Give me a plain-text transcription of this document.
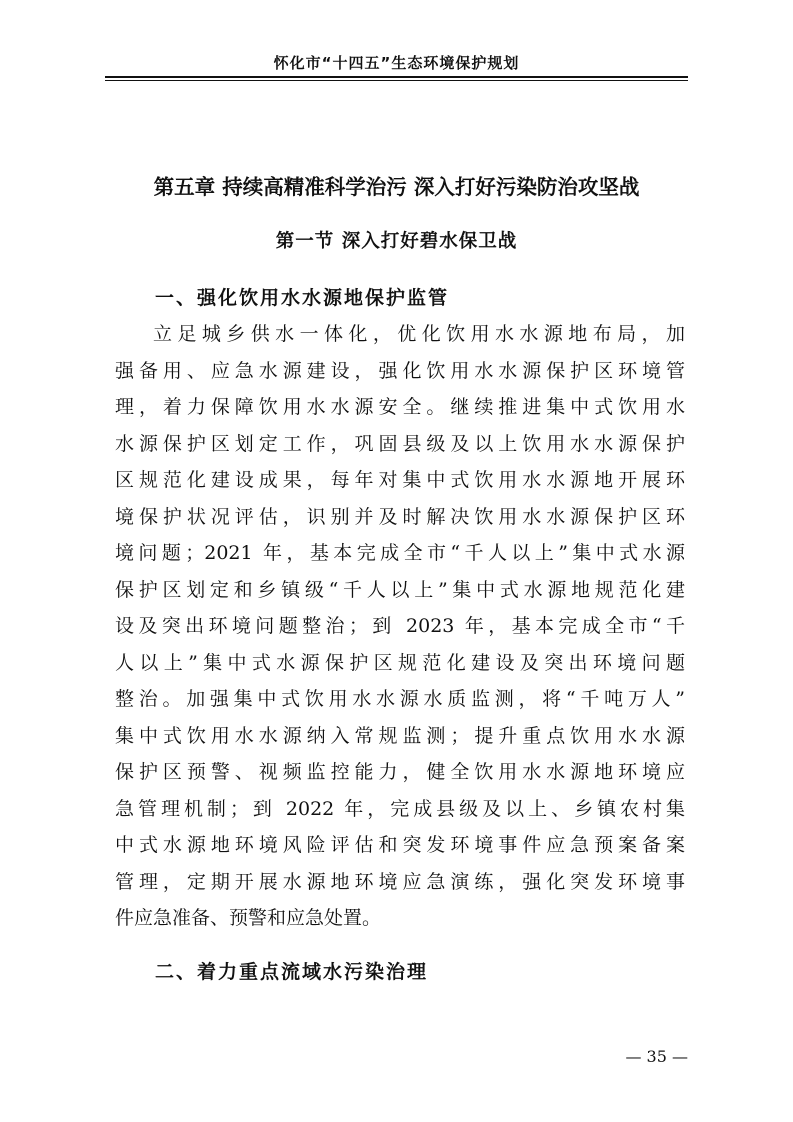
怀化市“十四五”生态环境保护规划
第五章 持续高精准科学治污 深入打好污染防治攻坚战
第一节 深入打好碧水保卫战
一、强化饮用水水源地保护监管
立足城乡供水一体化，优化饮用水水源地布局，加
强备用、应急水源建设，强化饮用水水源保护区环境管
理，着力保障饮用水水源安全。继续推进集中式饮用水
水源保护区划定工作，巩固县级及以上饮用水水源保护
区规范化建设成果，每年对集中式饮用水水源地开展环
境保护状况评估，识别并及时解决饮用水水源保护区环
境问题；2021 年，基本完成全市“千人以上”集中式水源
保护区划定和乡镇级“千人以上”集中式水源地规范化建
设及突出环境问题整治；到 2023 年，基本完成全市“千
人以上”集中式水源保护区规范化建设及突出环境问题
整治。加强集中式饮用水水源水质监测，将“千吨万人”
集中式饮用水水源纳入常规监测；提升重点饮用水水源
保护区预警、视频监控能力，健全饮用水水源地环境应
急管理机制；到 2022 年，完成县级及以上、乡镇农村集
中式水源地环境风险评估和突发环境事件应急预案备案
管理，定期开展水源地环境应急演练，强化突发环境事
件应急准备、预警和应急处置。
二、着力重点流域水污染治理
— 35 —
